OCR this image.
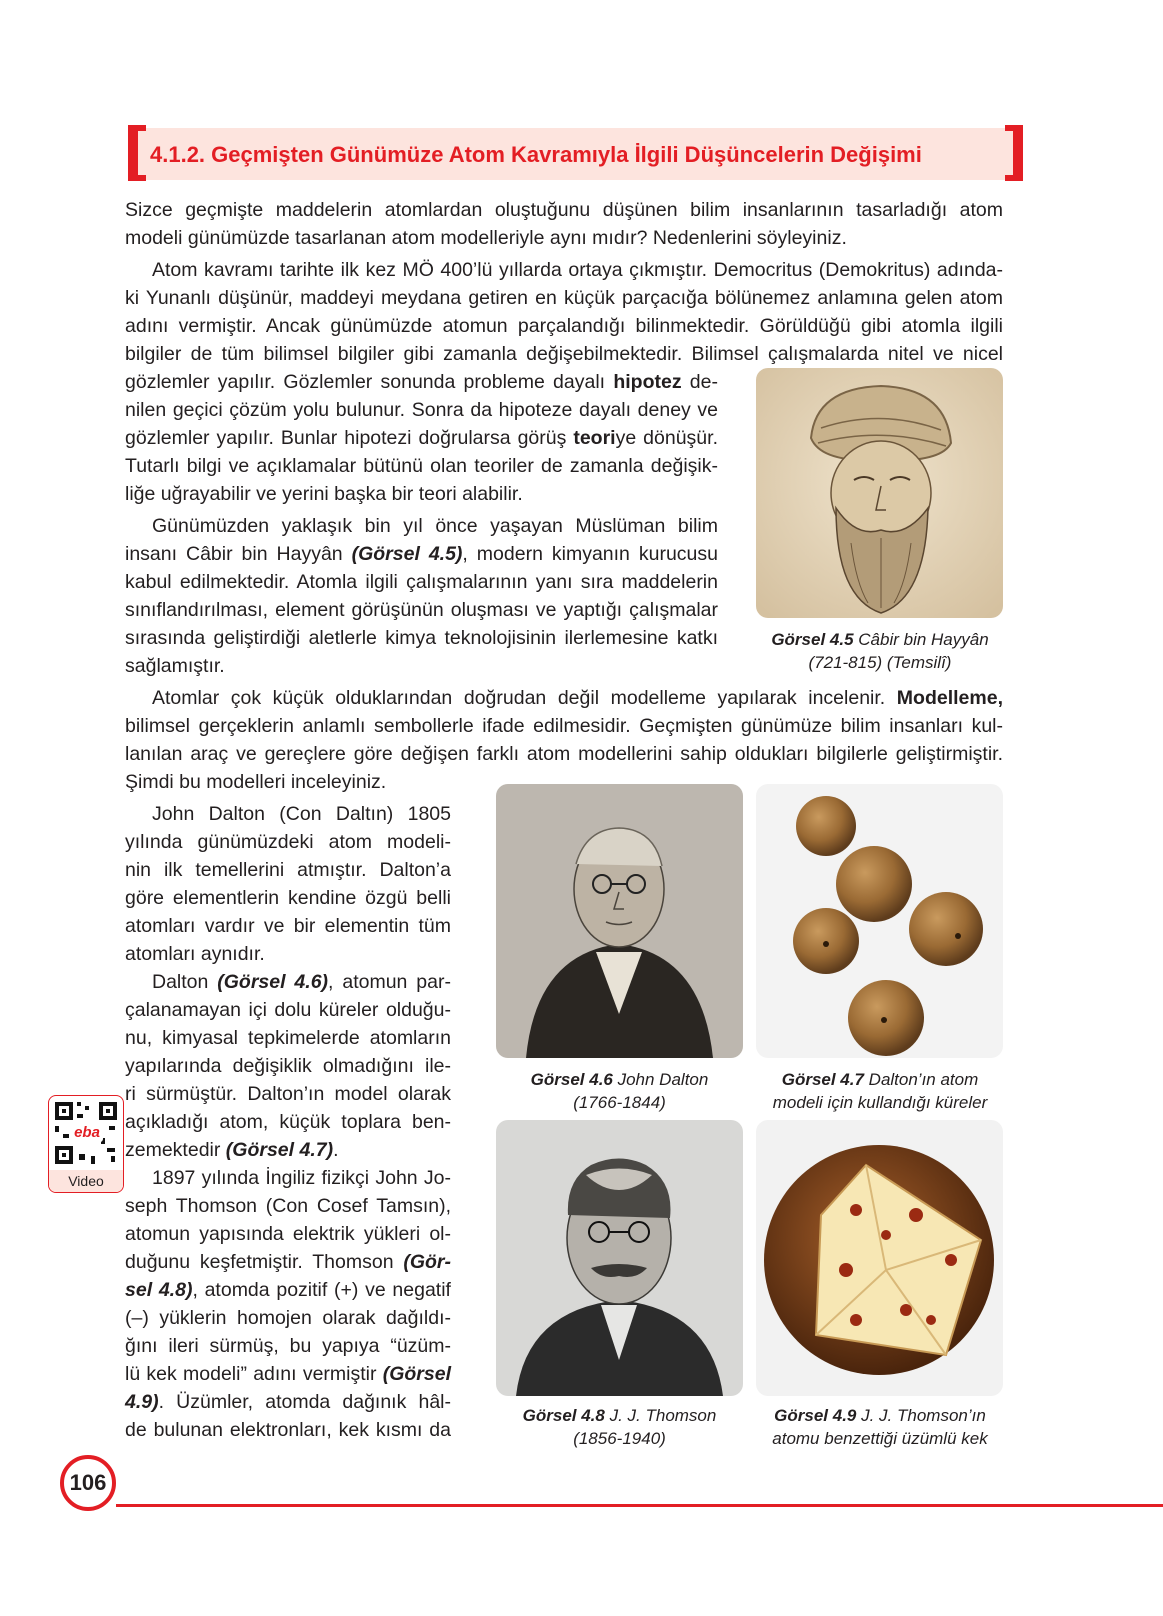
4.1.2. Geçmişten Günümüze Atom Kavramıyla İlgili Düşüncelerin Değişimi
Sizce geçmişte maddelerin atomlardan oluştuğunu düşünen bilim insanlarının tasarladığı atom
modeli günümüzde tasarlanan atom modelleriyle aynı mıdır? Nedenlerini söyleyiniz.
Atom kavramı tarihte ilk kez MÖ 400’lü yıllarda ortaya çıkmıştır. Democritus (Demokritus) adında-
ki Yunanlı düşünür, maddeyi meydana getiren en küçük parçacığa bölünemez anlamına gelen atom
adını vermiştir. Ancak günümüzde atomun parçalandığı bilinmektedir. Görüldüğü gibi atomla ilgili
bilgiler de tüm bilimsel bilgiler gibi zamanla değişebilmektedir. Bilimsel çalışmalarda nitel ve nicel
gözlemler yapılır. Gözlemler sonunda probleme dayalı hipotez de-
nilen geçici çözüm yolu bulunur. Sonra da hipoteze dayalı deney ve
gözlemler yapılır. Bunlar hipotezi doğrularsa görüş teoriye dönüşür.
Tutarlı bilgi ve açıklamalar bütünü olan teoriler de zamanla değişik-
liğe uğrayabilir ve yerini başka bir teori alabilir.
Günümüzden yaklaşık bin yıl önce yaşayan Müslüman bilim
insanı Câbir bin Hayyân (Görsel 4.5), modern kimyanın kurucusu
kabul edilmektedir. Atomla ilgili çalışmalarının yanı sıra maddelerin
sınıflandırılması, element görüşünün oluşması ve yaptığı çalışmalar
sırasında geliştirdiği aletlerle kimya teknolojisinin ilerlemesine katkı
sağlamıştır.
Görsel 4.5 Câbir bin Hayyân
(721-815) (Temsilî)
Atomlar çok küçük olduklarından doğrudan değil modelleme yapılarak incelenir. Modelleme,
bilimsel gerçeklerin anlamlı sembollerle ifade edilmesidir. Geçmişten günümüze bilim insanları kul-
lanılan araç ve gereçlere göre değişen farklı atom modellerini sahip oldukları bilgilerle geliştirmiştir.
Şimdi bu modelleri inceleyiniz.
John Dalton (Con Daltın) 1805
yılında günümüzdeki atom modeli-
nin ilk temellerini atmıştır. Dalton’a
göre elementlerin kendine özgü belli
atomları vardır ve bir elementin tüm
atomları aynıdır.
Dalton (Görsel 4.6), atomun par-
çalanamayan içi dolu küreler olduğu-
nu, kimyasal tepkimelerde atomların
yapılarında değişiklik olmadığını ile-
ri sürmüştür. Dalton’ın model olarak
açıkladığı atom, küçük toplara ben-
zemektedir (Görsel 4.7).
1897 yılında İngiliz fizikçi John Jo-
seph Thomson (Con Cosef Tamsın),
atomun yapısında elektrik yükleri ol-
duğunu keşfetmiştir. Thomson (Gör-
sel 4.8), atomda pozitif (+) ve negatif
(–) yüklerin homojen olarak dağıldı-
ğını ileri sürmüş, bu yapıya “üzüm-
lü kek modeli” adını vermiştir (Görsel
4.9). Üzümler, atomda dağınık hâl-
de bulunan elektronları, kek kısmı da
Görsel 4.6 John Dalton
(1766-1844)
Görsel 4.7 Dalton’ın atom
modeli için kullandığı küreler
Görsel 4.8 J. J. Thomson
(1856-1940)
Görsel 4.9 J. J. Thomson’ın
atomu benzettiği üzümlü kek
eba
Video
106
